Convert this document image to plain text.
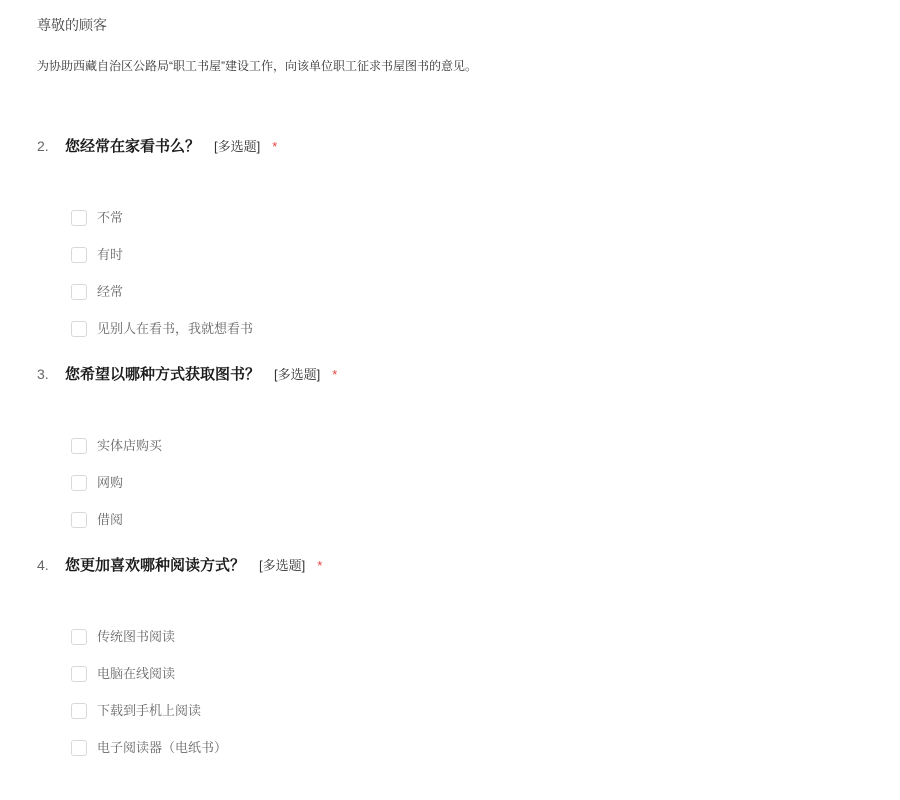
尊敬的顾客
为协助西藏自治区公路局“职工书屋”建设工作，向该单位职工征求书屋图书的意见。
2.	您经常在家看书么？ [多选题] *
不常
有时
经常
见别人在看书，我就想看书
3.	您希望以哪种方式获取图书？ [多选题] *
实体店购买
网购
借阅
4.	您更加喜欢哪种阅读方式？ [多选题] *
传统图书阅读
电脑在线阅读
下载到手机上阅读
电子阅读器（电纸书）
